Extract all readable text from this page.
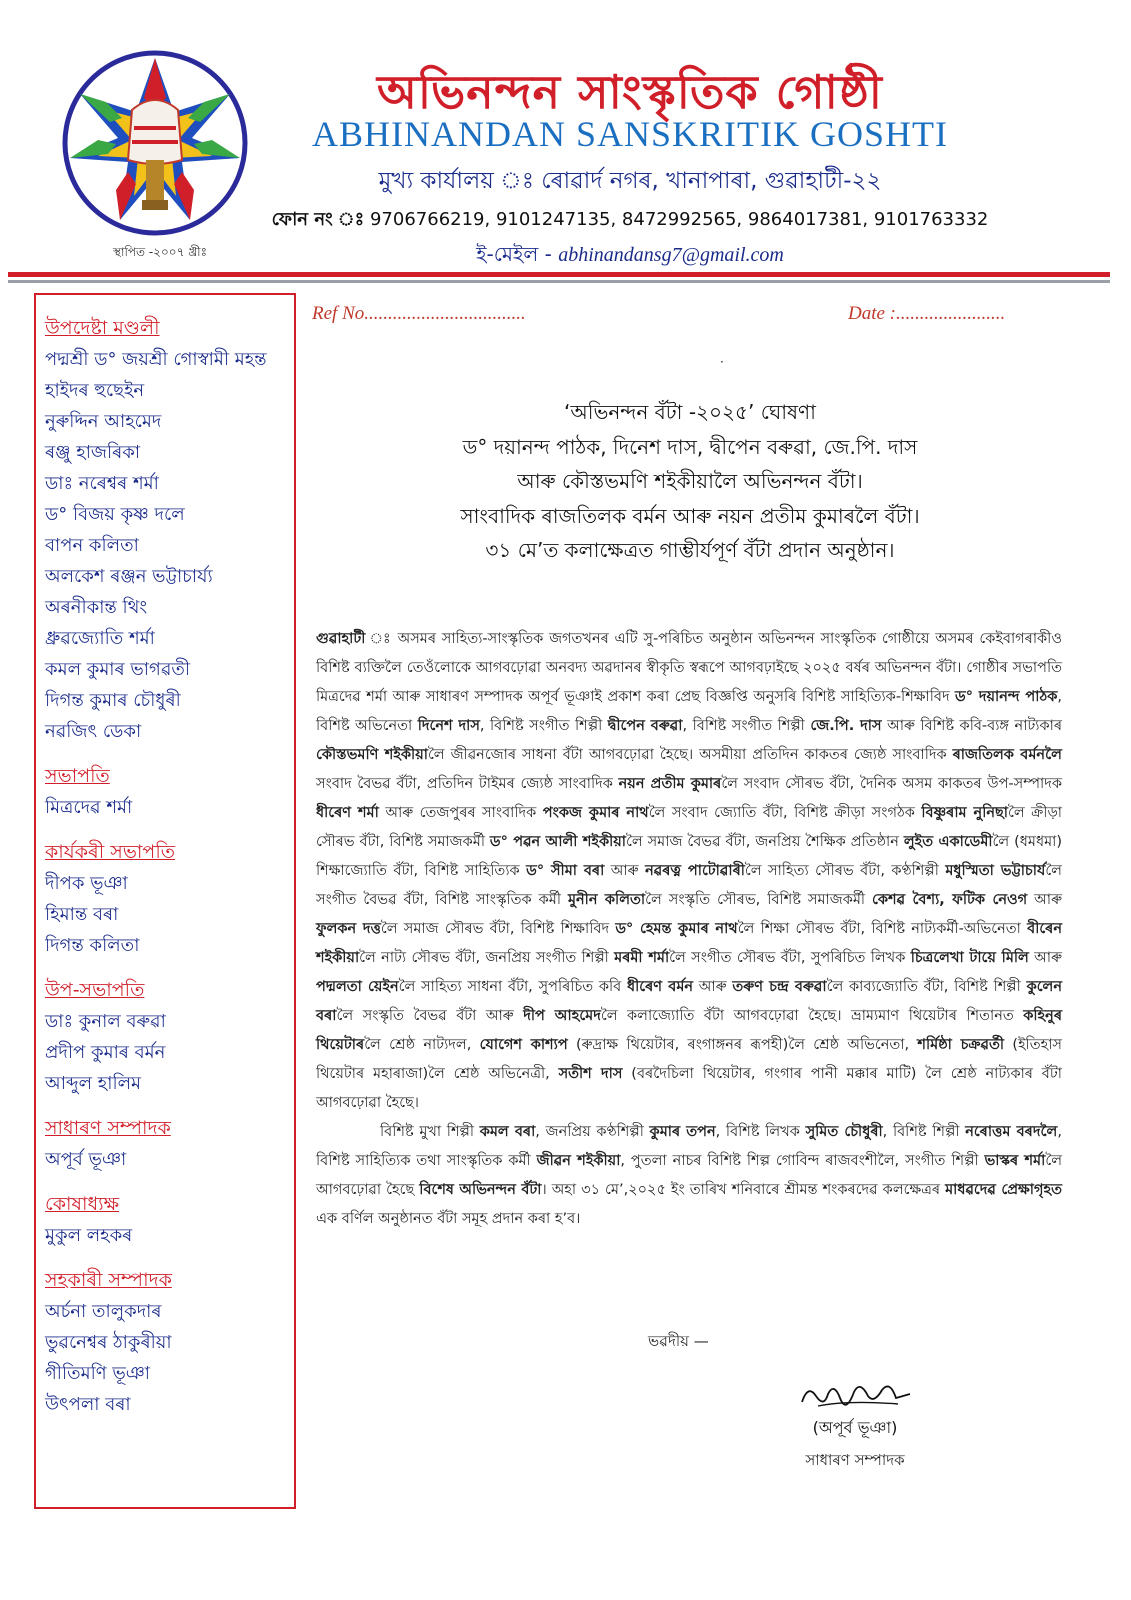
স্থাপিত -২০০৭ খ্ৰীঃ
অভিনন্দন সাংস্কৃতিক গোষ্ঠী
ABHINANDAN SANSKRITIK GOSHTI
মুখ্য কাৰ্যালয় ঃ ৰোৱাৰ্দ নগৰ, খানাপাৰা, গুৱাহাটী-২২
ফোন নং ঃ 9706766219, 9101247135, 8472992565, 9864017381, 9101763332
ই-মেইল - abhinandansg7@gmail.com
উপদেষ্টা মণ্ডলী
পদ্মশ্ৰী ড° জয়শ্ৰী গোস্বামী মহন্ত
হাইদৰ হুছেইন
নুৰুদ্দিন আহমেদ
ৰঞ্জু হাজৰিকা
ডাঃ নৰেশ্বৰ শৰ্মা
ড° বিজয় কৃষ্ণ দলে
বাপন কলিতা
অলকেশ ৰঞ্জন ভট্টাচাৰ্য্য
অৰনীকান্ত থিং
ধ্ৰুৱজ্যোতি শৰ্মা
কমল কুমাৰ ভাগৱতী
দিগন্ত কুমাৰ চৌধুৰী
নৱজিৎ ডেকা
সভাপতি
মিত্ৰদেৱ শৰ্মা
কাৰ্যকৰী সভাপতি
দীপক ভূঞা
হিমান্ত বৰা
দিগন্ত কলিতা
উপ-সভাপতি
ডাঃ কুনাল বৰুৱা
প্ৰদীপ কুমাৰ বৰ্মন
আব্দুল হালিম
সাধাৰণ সম্পাদক
অপূৰ্ব ভূঞা
কোষাধ্যক্ষ
মুকুল লহকৰ
সহকাৰী সম্পাদক
অৰ্চনা তালুকদাৰ
ভুৱনেশ্বৰ ঠাকুৰীয়া
গীতিমণি ভূঞা
উৎপলা বৰা
Ref No..................................	Date :.......................
·
‘অভিনন্দন বঁটা -২০২৫’ ঘোষণা
ড° দয়ানন্দ পাঠক, দিনেশ দাস, দ্বীপেন বৰুৱা, জে.পি. দাস
আৰু কৌস্তভমণি শইকীয়ালৈ অভিনন্দন বঁটা।
সাংবাদিক ৰাজতিলক বৰ্মন আৰু নয়ন প্ৰতীম কুমাৰলৈ বঁটা।
৩১ মে’ত কলাক্ষেত্ৰত গাম্ভীৰ্যপূৰ্ণ বঁটা প্ৰদান অনুষ্ঠান।

গুৱাহাটী ঃ অসমৰ সাহিত্য-সাংস্কৃতিক জগতখনৰ এটি সু-পৰিচিত অনুষ্ঠান অভিনন্দন সাংস্কৃতিক গোষ্ঠীয়ে অসমৰ কেইবাগৰাকীও বিশিষ্ট ব্যক্তিলৈ তেওঁলোকে আগবঢ়োৱা অনবদ্য অৱদানৰ স্বীকৃতি স্বৰূপে আগবঢ়াইছে ২০২৫ বৰ্ষৰ অভিনন্দন বঁটা। গোষ্ঠীৰ সভাপতি মিত্ৰদেৱ শৰ্মা আৰু সাধাৰণ সম্পাদক অপূৰ্ব ভূঞাই প্ৰকাশ কৰা প্ৰেছ বিজ্ঞপ্তি অনুসৰি বিশিষ্ট সাহিত্যিক-শিক্ষাবিদ ড° দয়ানন্দ পাঠক, বিশিষ্ট অভিনেতা দিনেশ দাস, বিশিষ্ট সংগীত শিল্পী দ্বীপেন বৰুৱা, বিশিষ্ট সংগীত শিল্পী জে.পি. দাস আৰু বিশিষ্ট কবি-ব্যঙ্গ নাট্যকাৰ কৌস্তভমণি শইকীয়ালৈ জীৱনজোৰ সাধনা বঁটা আগবঢ়োৱা হৈছে। অসমীয়া প্ৰতিদিন কাকতৰ জ্যেষ্ঠ সাংবাদিক ৰাজতিলক বৰ্মনলৈ সংবাদ বৈভৱ বঁটা, প্ৰতিদিন টাইমৰ জ্যেষ্ঠ সাংবাদিক নয়ন প্ৰতীম কুমাৰলৈ সংবাদ সৌৰভ বঁটা, দৈনিক অসম কাকতৰ উপ-সম্পাদক ধীৰেণ শৰ্মা আৰু তেজপুৰৰ সাংবাদিক পংকজ কুমাৰ নাথলৈ সংবাদ জ্যোতি বঁটা, বিশিষ্ট ক্ৰীড়া সংগঠক বিষ্ণুৰাম নুনিছালৈ ক্ৰীড়া সৌৰভ বঁটা, বিশিষ্ট সমাজকৰ্মী ড° পৱন আলী শইকীয়ালৈ সমাজ বৈভৱ বঁটা, জনপ্ৰিয় শৈক্ষিক প্ৰতিষ্ঠান লুইত একাডেমীলৈ (ধমধমা) শিক্ষাজ্যোতি বঁটা, বিশিষ্ট সাহিত্যিক ড° সীমা বৰা আৰু নৱৰত্ন পাটোৱাৰীলৈ সাহিত্য সৌৰভ বঁটা, কণ্ঠশিল্পী মধুস্মিতা ভট্টাচাৰ্যলৈ সংগীত বৈভৱ বঁটা, বিশিষ্ট সাংস্কৃতিক কৰ্মী মুনীন কলিতালৈ সংস্কৃতি সৌৰভ, বিশিষ্ট সমাজকৰ্মী কেশৱ বৈশ্য, ফটিক নেওগ আৰু ফুলকন দত্তলৈ সমাজ সৌৰভ বঁটা, বিশিষ্ট শিক্ষাবিদ ড° হেমন্ত কুমাৰ নাথলৈ শিক্ষা সৌৰভ বঁটা, বিশিষ্ট নাট্যকৰ্মী-অভিনেতা বীৰেন শইকীয়ালৈ নাট্য সৌৰভ বঁটা, জনপ্ৰিয় সংগীত শিল্পী মৰমী শৰ্মালৈ সংগীত সৌৰভ বঁটা, সুপৰিচিত লিখক চিত্ৰলেখা টায়ে মিলি আৰু পদ্মলতা য়েইনলৈ সাহিত্য সাধনা বঁটা, সুপৰিচিত কবি ধীৰেণ বৰ্মন আৰু তৰুণ চন্দ্ৰ বৰুৱালৈ কাব্যজ্যোতি বঁটা, বিশিষ্ট শিল্পী কুলেন বৰালৈ সংস্কৃতি বৈভৱ বঁটা আৰু দীপ আহমেদলৈ কলাজ্যোতি বঁটা আগবঢ়োৱা হৈছে। ভ্ৰাম্যমাণ থিয়েটাৰ শিতানত কহিনুৰ থিয়েটাৰলৈ শ্ৰেষ্ঠ নাট্যদল, যোগেশ কাশ্যপ (ৰুদ্ৰাক্ষ থিয়েটাৰ, ৰংগাঙ্গনৰ ৰূপহী)লৈ শ্ৰেষ্ঠ অভিনেতা, শৰ্মিষ্ঠা চক্ৰৱৰ্তী (ইতিহাস থিয়েটাৰ মহাৰাজা)লৈ শ্ৰেষ্ঠ অভিনেত্ৰী, সতীশ দাস (বৰদৈচিলা থিয়েটাৰ, গংগাৰ পানী মক্কাৰ মাটি) লৈ শ্ৰেষ্ঠ নাট্যকাৰ বঁটা আগবঢ়োৱা হৈছে।

বিশিষ্ট মুখা শিল্পী কমল বৰা, জনপ্ৰিয় কণ্ঠশিল্পী কুমাৰ তপন, বিশিষ্ট লিখক সুমিত চৌধুৰী, বিশিষ্ট শিল্পী নৰোত্তম বৰদলৈ, বিশিষ্ট সাহিত্যিক তথা সাংস্কৃতিক কৰ্মী জীৱন শইকীয়া, পুতলা নাচৰ বিশিষ্ট শিল্প গোবিন্দ ৰাজবংশীলৈ, সংগীত শিল্পী ভাস্কৰ শৰ্মালৈ আগবঢ়োৱা হৈছে বিশেষ অভিনন্দন বঁটা। অহা ৩১ মে’,২০২৫ ইং তাৰিখ শনিবাৰে শ্ৰীমন্ত শংকৰদেৱ কলক্ষেত্ৰৰ মাধৱদেৱ প্ৰেক্ষাগৃহত এক বৰ্ণিল অনুষ্ঠানত বঁটা সমূহ প্ৰদান কৰা হ’ব।

ভৱদীয় —
(অপূৰ্ব ভূঞা)
সাধাৰণ সম্পাদক
